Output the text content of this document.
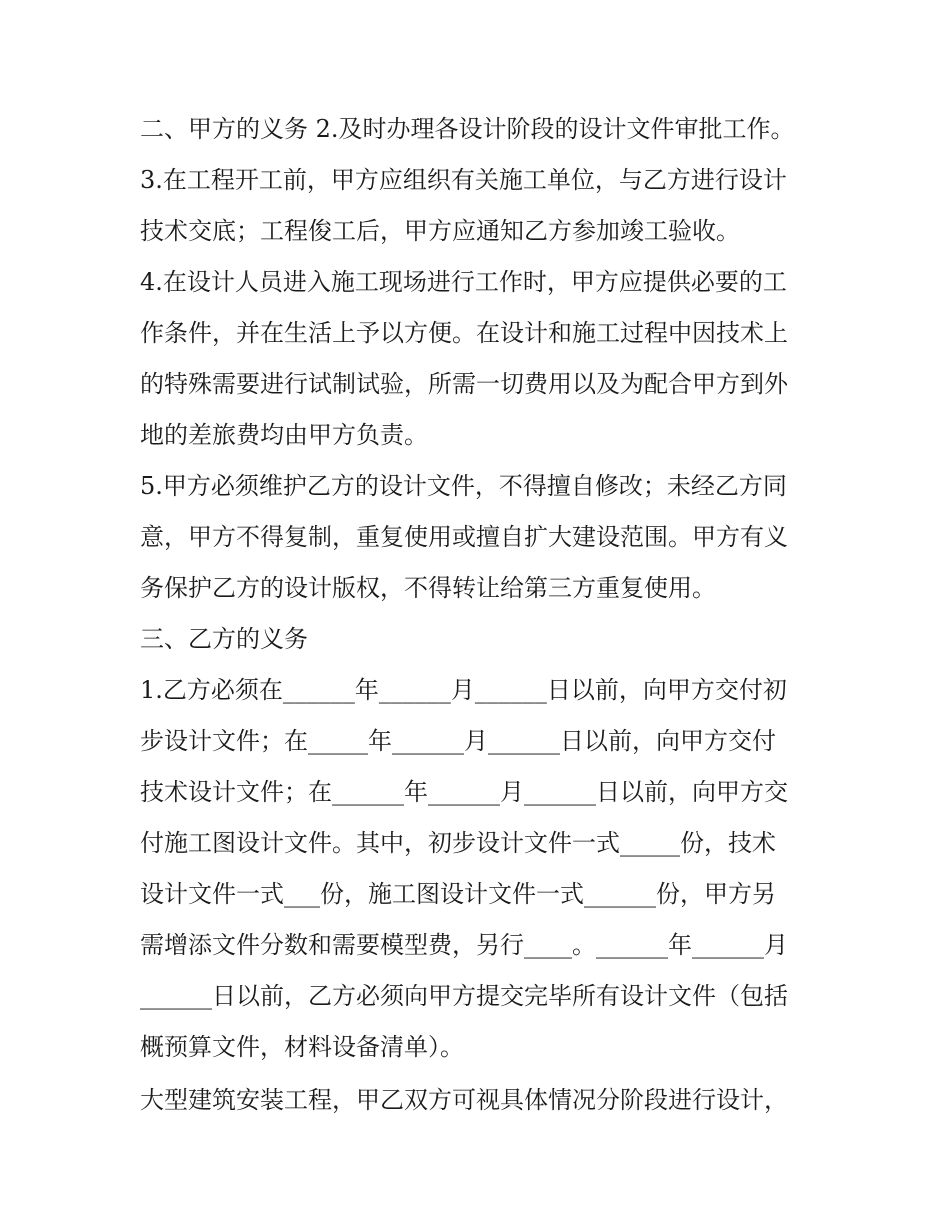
二、甲方的义务 2.及时办理各设计阶段的设计文件审批工作。
3.在工程开工前，甲方应组织有关施工单位，与乙方进行设计
技术交底；工程俊工后，甲方应通知乙方参加竣工验收。
4.在设计人员进入施工现场进行工作时，甲方应提供必要的工
作条件，并在生活上予以方便。在设计和施工过程中因技术上
的特殊需要进行试制试验，所需一切费用以及为配合甲方到外
地的差旅费均由甲方负责。
5.甲方必须维护乙方的设计文件，不得擅自修改；未经乙方同
意，甲方不得复制，重复使用或擅自扩大建设范围。甲方有义
务保护乙方的设计版权，不得转让给第三方重复使用。
三、乙方的义务
1.乙方必须在______年______月______日以前，向甲方交付初
步设计文件；在_____年______月______日以前，向甲方交付
技术设计文件；在______年______月______日以前，向甲方交
付施工图设计文件。其中，初步设计文件一式_____份，技术
设计文件一式___份，施工图设计文件一式______份，甲方另
需增添文件分数和需要模型费，另行____。______年______月
______日以前，乙方必须向甲方提交完毕所有设计文件（包括
概预算文件，材料设备清单）。
大型建筑安装工程，甲乙双方可视具体情况分阶段进行设计，
